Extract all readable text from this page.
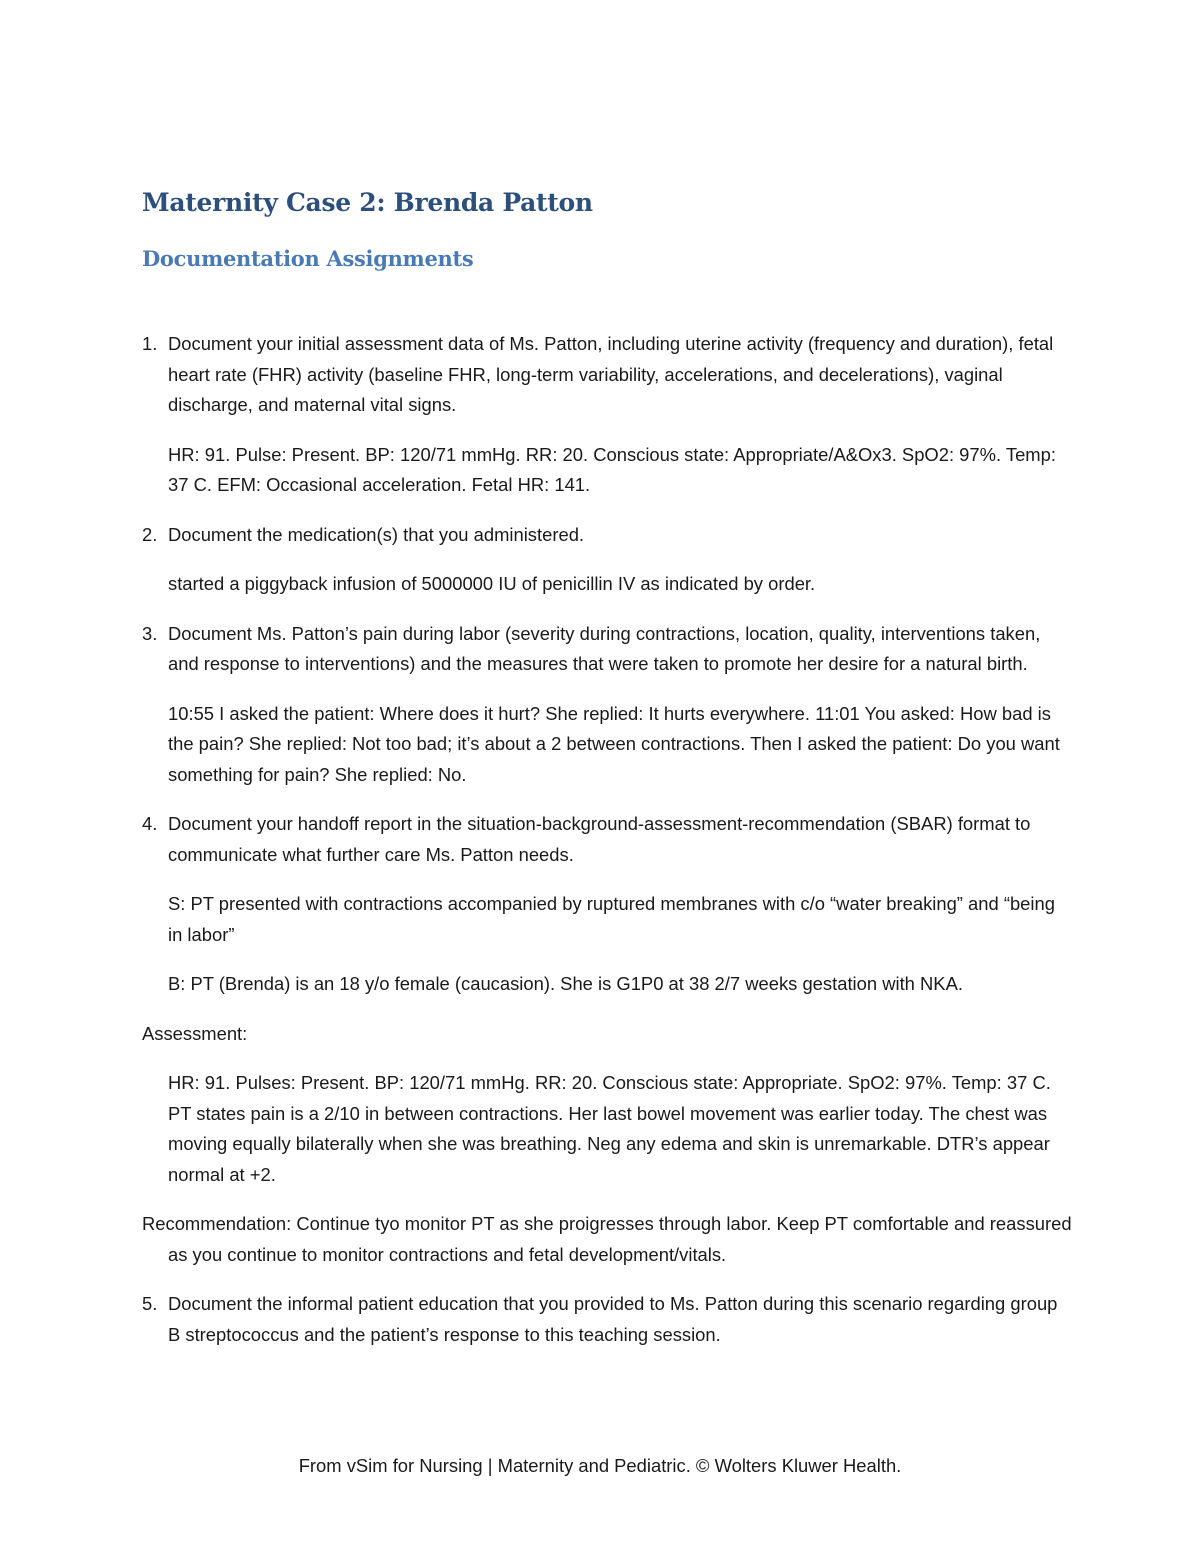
Maternity Case 2: Brenda Patton
Documentation Assignments
1. Document your initial assessment data of Ms. Patton, including uterine activity (frequency and duration), fetal heart rate (FHR) activity (baseline FHR, long-term variability, accelerations, and decelerations), vaginal discharge, and maternal vital signs.
HR: 91. Pulse: Present. BP: 120/71 mmHg. RR: 20. Conscious state: Appropriate/A&Ox3. SpO2: 97%. Temp: 37 C. EFM: Occasional acceleration. Fetal HR: 141.
2. Document the medication(s) that you administered.
started a piggyback infusion of 5000000 IU of penicillin IV as indicated by order.
3. Document Ms. Patton’s pain during labor (severity during contractions, location, quality, interventions taken, and response to interventions) and the measures that were taken to promote her desire for a natural birth.
10:55 I asked the patient: Where does it hurt? She replied: It hurts everywhere. 11:01 You asked: How bad is the pain? She replied: Not too bad; it’s about a 2 between contractions. Then I asked the patient: Do you want something for pain? She replied: No.
4. Document your handoff report in the situation-background-assessment-recommendation (SBAR) format to communicate what further care Ms. Patton needs.
S: PT presented with contractions accompanied by ruptured membranes with c/o “water breaking” and “being in labor”
B: PT (Brenda) is an 18 y/o female (caucasion). She is G1P0 at 38 2/7 weeks gestation with NKA.
Assessment:
HR: 91. Pulses: Present. BP: 120/71 mmHg. RR: 20. Conscious state: Appropriate. SpO2: 97%. Temp: 37 C. PT states pain is a 2/10 in between contractions. Her last bowel movement was earlier today. The chest was moving equally bilaterally when she was breathing. Neg any edema and skin is unremarkable. DTR’s appear normal at +2.
Recommendation: Continue tyo monitor PT as she proigresses through labor. Keep PT comfortable and reassured as you continue to monitor contractions and fetal development/vitals.
5. Document the informal patient education that you provided to Ms. Patton during this scenario regarding group B streptococcus and the patient’s response to this teaching session.
From vSim for Nursing | Maternity and Pediatric. © Wolters Kluwer Health.
